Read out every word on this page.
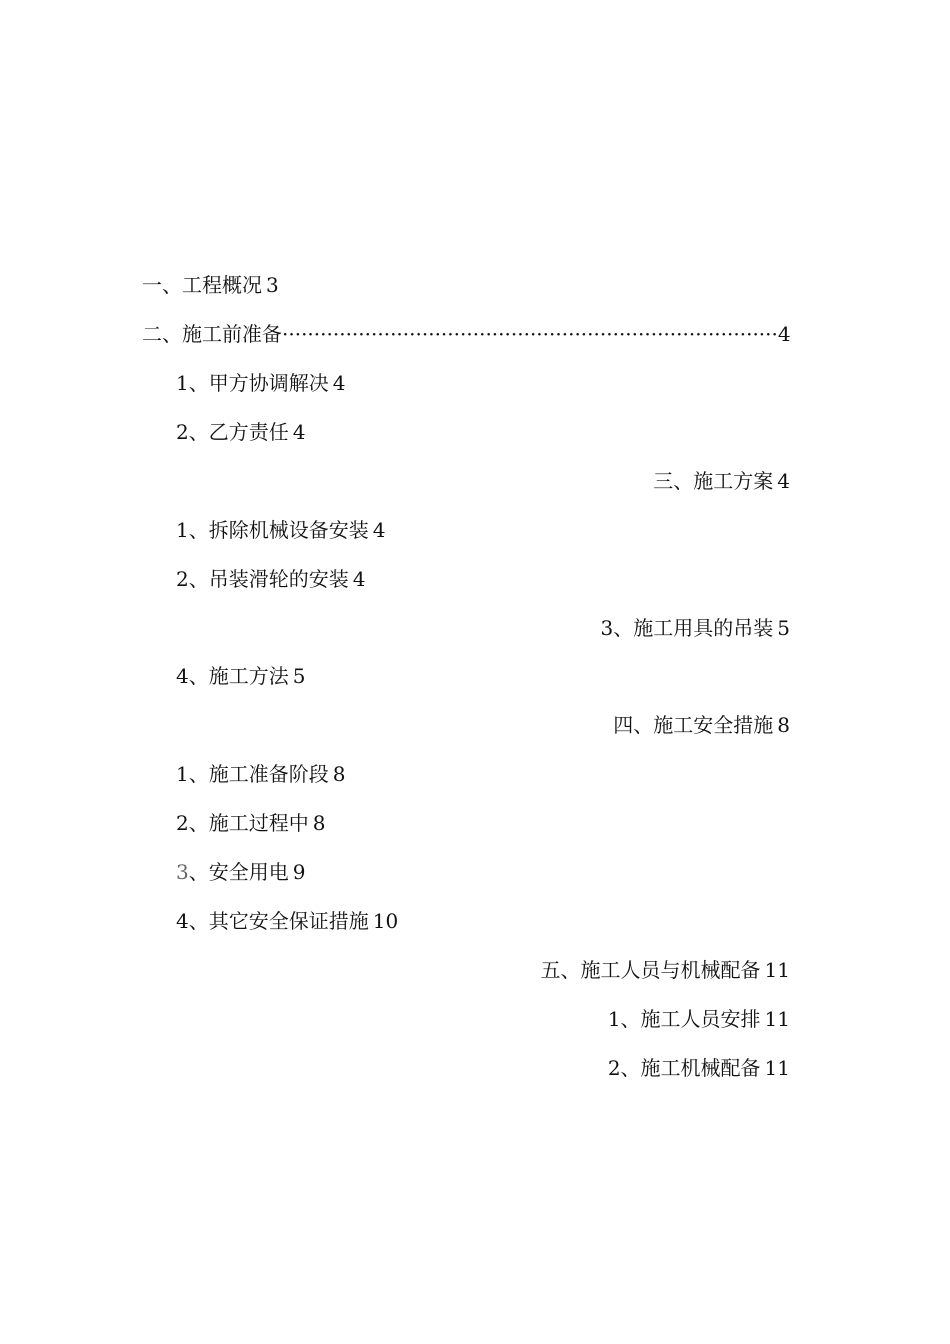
一、工程概况 3
二、施工前准备 ·············································································· 4
1、甲方协调解决 4
2、乙方责任 4
三、施工方案 4
1、拆除机械设备安装 4
2、吊装滑轮的安装 4
3、施工用具的吊装 5
4、施工方法 5
四、施工安全措施 8
1、施工准备阶段 8
2、施工过程中 8
3、安全用电 9
4、其它安全保证措施 10
五、施工人员与机械配备 11
1、施工人员安排 11
2、施工机械配备 11
